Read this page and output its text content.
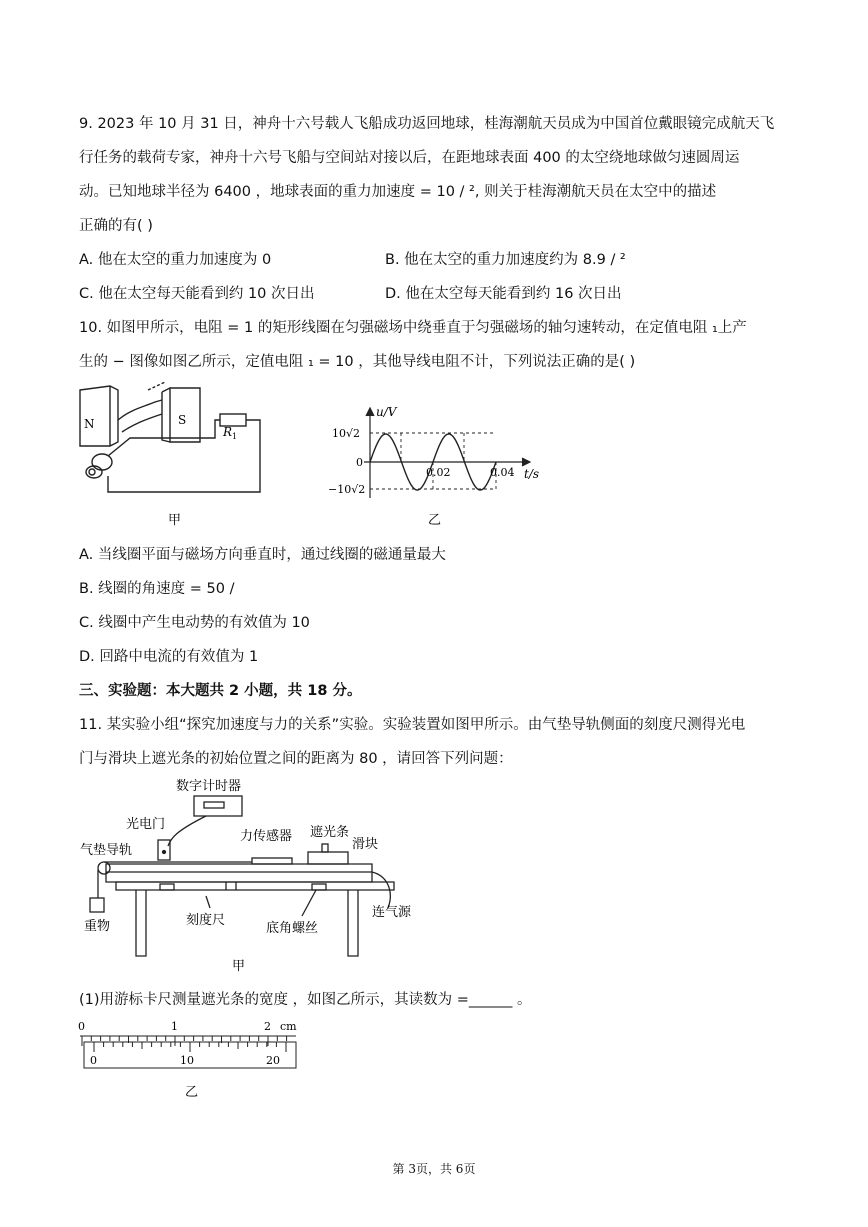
9. 2023 年 10 月 31 日，神舟十六号载人飞船成功返回地球，桂海潮航天员成为中国首位戴眼镜完成航天飞
行任务的载荷专家，神舟十六号飞船与空间站对接以后，在距地球表面 400 的太空绕地球做匀速圆周运
动。已知地球半径为 6400 ，地球表面的重力加速度 = 10 / ², 则关于桂海潮航天员在太空中的描述
正确的有( )
A. 他在太空的重力加速度为 0	B. 他在太空的重力加速度约为 8.9 / ²
C. 他在太空每天能看到约 10 次日出	D. 他在太空每天能看到约 16 次日出
10. 如图甲所示，电阻 = 1 的矩形线圈在匀强磁场中绕垂直于匀强磁场的轴匀速转动，在定值电阻 ₁上产
生的 − 图像如图乙所示，定值电阻 ₁ = 10 ，其他导线电阻不计，下列说法正确的是( )
N	S
R 1
甲
u/V
10√2
0
−10√2
0.02	0.04 t/s
乙
A. 当线圈平面与磁场方向垂直时，通过线圈的磁通量最大
B. 线圈的角速度 = 50 /
C. 线圈中产生电动势的有效值为 10
D. 回路中电流的有效值为 1
三、实验题：本大题共 2 小题，共 18 分。
11. 某实验小组“探究加速度与力的关系”实验。实验装置如图甲所示。由气垫导轨侧面的刻度尺测得光电
门与滑块上遮光条的初始位置之间的距离为 80 ，请回答下列问题：
数字计时器
光电门
气垫导轨
力传感器 遮光条
滑块
重物	刻度尺
底角螺丝
连气源
甲
(1)用游标卡尺测量遮光条的宽度 ，如图乙所示，其读数为 =______ 。
0	1	2 cm
0	10	20
乙
第 3页，共 6页
